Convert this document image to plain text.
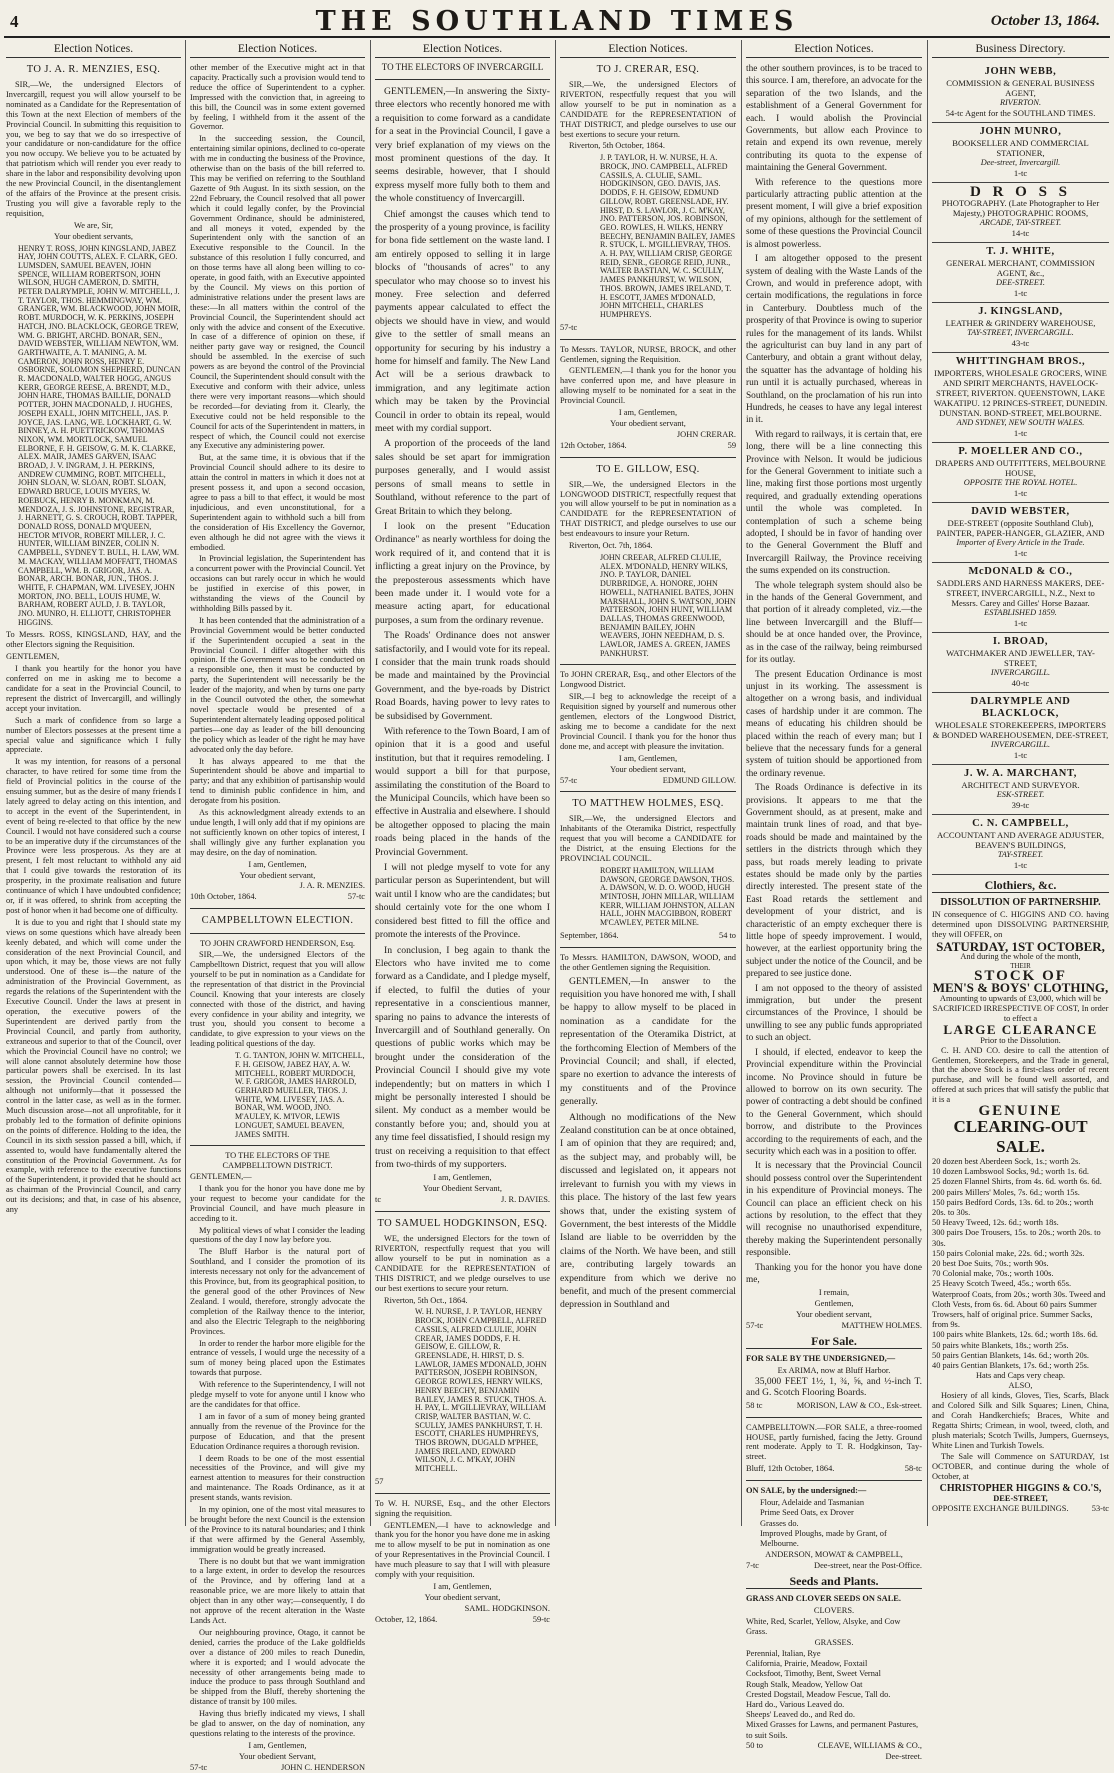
4	THE SOUTHLAND TIMES	October 13, 1864.
Election Notices.
TO J. A. R. MENZIES, ESQ.

SIR,—We, the undersigned Electors of Invercargill, request you will allow yourself to be nominated as a Candidate for the Representation of this Town at the next Election of members of the Provincial Council. In submitting this requisition to you, we beg to say that we do so irrespective of your candidature or non-candidature for the office you now occupy. We believe you to be actuated by that patriotism which will render you ever ready to share in the labor and responsibility devolving upon the new Provincial Council, in the disentanglement of the affairs of the Province at the present crisis. Trusting you will give a favorable reply to the requisition,

We are, Sir,
Your obedient servants,
HENRY T. ROSS, JOHN KINGSLAND, JABEZ HAY, JOHN COUTTS, ALEX. F. CLARK, GEO. LUMSDEN, SAMUEL BEAVEN, JOHN SPENCE, WILLIAM ROBERTSON, JOHN WILSON, HUGH CAMERON, D. SMITH, PETER DALRYMPLE, JOHN W. MITCHELL, J. T. TAYLOR, THOS. HEMMINGWAY, WM. GRANGER, WM. BLACKWOOD, JOHN MOIR, ROBT. MURDOCH, W. K. PERKINS, JOSEPH HATCH, JNO. BLACKLOCK, GEORGE TREW, WM. G. BRIGHT, ARCHD. BONAR, SEN., DAVID WEBSTER, WILLIAM NEWTON, WM. GARTHWAITE, A. T. MANING, A. M. CAMERON, JOHN ROSS, HENRY E. OSBORNE, SOLOMON SHEPHERD, DUNCAN R. MACDONALD, WALTER HOGG, ANGUS KERR, GEORGE REESE, A. BRENDT, M.D., JOHN HARE, THOMAS BAILLIE, DONALD POTTER, JOHN MACDONALD, J. HUGHES, JOSEPH EXALL, JOHN MITCHELL, JAS. P. JOYCE, JAS. LANG, WE. LOCKHART, G. W. BINNEY, A. H. PUETTRICKOW, THOMAS NIXON, WM. MORTLOCK, SAMUEL ELBORNE, F. H. GEISOW, G. M. K. CLARKE, ALEX. MAIR, JAMES GARVEN, ISAAC BROAD, J. V. INGRAM, J. H. PERKINS, ANDREW CUMMING, ROBT. MITCHELL, JOHN SLOAN, W. SLOAN, ROBT. SLOAN, EDWARD BRUCE, LOUIS MYERS, W. ROEBUCK, HENRY B. MONKMAN, M. MENDOZA, J. S. JOHNSTONE, REGISTRAR, J. HARNETT, G. S. CROUCH, ROBT. TAPPER, DONALD ROSS, DONALD M'QUEEN, HECTOR M'IVOR, ROBERT MILLER, J. C. HUNTER, WILLIAM BINZER, COLIN N. CAMPBELL, SYDNEY T. BULL, H. LAW, WM. M. MACKAY, WILLIAM MOFFATT, THOMAS CAMPBELL, WM. B. GRIGOR, JAS. A. BONAR, ARCH. BONAR, JUN., THOS. J. WHITE, F. CHAPMAN, WM. LIVESEY, JOHN MORTON, JNO. BELL, LOUIS HUME, W. BARHAM, ROBERT AULD, J. B. TAYLOR, JNO. MUNRO, H. ELLIOTT, CHRISTOPHER HIGGINS.

To Messrs. ROSS, KINGSLAND, HAY, and the other Electors signing the Requisition.

GENTLEMEN,

I thank you heartily for the honor you have conferred on me in asking me to become a candidate for a seat in the Provincial Council, to represent the district of Invercargill, and willingly accept your invitation.

Such a mark of confidence from so large a number of Electors possesses at the present time a special value and significance which I fully appreciate.

It was my intention, for reasons of a personal character, to have retired for some time from the field of Provincial politics in the course of the ensuing summer, but as the desire of many friends I lately agreed to delay acting on this intention, and to accept in the event of the Superintendent, in event of being re-elected to that office by the new Council. I would not have considered such a course to be an imperative duty if the circumstances of the Province were less prosperous. As they are at present, I felt most reluctant to withhold any aid that I could give towards the restoration of its prosperity, in the proximate realisation and future continuance of which I have undoubted confidence; or, if it was offered, to shrink from accepting the post of honor when it had become one of difficulty.

It is due to you and right that I should state my views on some questions which have already been keenly debated, and which will come under the consideration of the next Provincial Council, and upon which, it may be, those views are not fully understood. One of these is—the nature of the administration of the Provincial Government, as regards the relations of the Superintendent with the Executive Council. Under the laws at present in operation, the executive powers of the Superintendent are derived partly from the Provincial Council, and partly from authority, extraneous and superior to that of the Council, over which the Provincial Council have no control; we will alone cannot absolutely determine how those particular powers shall be exercised. In its last session, the Provincial Council contended—although not uniformly—that it possessed the control in the latter case, as well as in the former. Much discussion arose—not all unprofitable, for it probably led to the formation of definite opinions on the points of difference. Holding to the idea, the Council in its sixth session passed a bill, which, if assented to, would have fundamentally altered the constitution of the Provincial Government. As for example, with reference to the executive functions of the Superintendent, it provided that he should act as chairman of the Provincial Council, and carry out its decisions; and that, in case of his absence, any

Election Notices.

other member of the Executive might act in that capacity. Practically such a provision would tend to reduce the office of Superintendent to a cypher. Impressed with the conviction that, in agreeing to this bill, the Council was in some extent governed by feeling, I withheld from it the assent of the Governor.

In the succeeding session, the Council, entertaining similar opinions, declined to co-operate with me in conducting the business of the Province, otherwise than on the basis of the bill referred to. This may be verified on referring to the Southland Gazette of 9th August. In its sixth session, on the 22nd February, the Council resolved that all power which it could legally confer, by the Provincial Government Ordinance, should be administered, and all moneys it voted, expended by the Superintendent only with the sanction of an Executive responsible to the Council. In the substance of this resolution I fully concurred, and on those terms have all along been willing to co-operate, in good faith, with an Executive appointed by the Council. My views on this portion of administrative relations under the present laws are these:—In all matters within the control of the Provincial Council, the Superintendent should act only with the advice and consent of the Executive. In case of a difference of opinion on these, if neither party gave way or resigned, the Council should be assembled. In the exercise of such powers as are beyond the control of the Provincial Council, the Superintendent should consult with the Executive and conform with their advice, unless there were very important reasons—which should be recorded—for deviating from it. Clearly, the Executive could not be held responsible to the Council for acts of the Superintendent in matters, in respect of which, the Council could not exercise any Executive any administering power.

But, at the same time, it is obvious that if the Provincial Council should adhere to its desire to attain the control in matters in which it does not at present possess it, and upon a second occasion, agree to pass a bill to that effect, it would be most injudicious, and even unconstitutional, for a Superintendent again to withhold such a bill from the consideration of His Excellency the Governor, even although he did not agree with the views it embodied.

In Provincial legislation, the Superintendent has a concurrent power with the Provincial Council. Yet occasions can but rarely occur in which he would be justified in exercise of this power, in withstanding the views of the Council by withholding Bills passed by it.

It has been contended that the administration of a Provincial Government would be better conducted if the Superintendent occupied a seat in the Provincial Council. I differ altogether with this opinion. If the Government was to be conducted on a responsible one, then it must be conducted by party, the Superintendent will necessarily be the leader of the majority, and when by turns one party in the Council outvoted the other, the somewhat novel spectacle would be presented of a Superintendent alternately leading opposed political parties—one day as leader of the bill denouncing the policy which as leader of the right he may have advocated only the day before.

It has always appeared to me that the Superintendent should be above and impartial to party; and that any exhibition of partisanship would tend to diminish public confidence in him, and derogate from his position.

As this acknowledgment already extends to an undue length, I will only add that if my opinions are not sufficiently known on other topics of interest, I shall willingly give any further explanation you may desire, on the day of nomination.

I am, Gentlemen,
Your obedient servant,
J. A. R. MENZIES.
10th October, 1864.	57-tc
CAMPBELLTOWN ELECTION.
TO JOHN CRAWFORD HENDERSON, Esq.

SIR,—We, the undersigned Electors of the Campbelltown District, request that you will allow yourself to be put in nomination as a Candidate for the representation of that district in the Provincial Council. Knowing that your interests are closely connected with those of the district, and having every confidence in your ability and integrity, we trust you, should you consent to become a candidate, to give expression to your views on the leading political questions of the day.

T. G. TANTON, JOHN W. MITCHELL, F. H. GEISOW, JABEZ HAY, A. W. MITCHELL, ROBERT MURDOCH, W. F. GRIGOR, JAMES HARROLD, GERHARD MUELLER, THOS. J. WHITE, WM. LIVESEY, JAS. A. BONAR, WM. WOOD, JNO. M'AULEY, K. M'IVOR, LEWIS LONGUET, SAMUEL BEAVEN, JAMES SMITH.
TO THE ELECTORS OF THE CAMPBELLTOWN DISTRICT.

GENTLEMEN,—

I thank you for the honor you have done me by your request to become your candidate for the Provincial Council, and have much pleasure in acceding to it.

My political views of what I consider the leading questions of the day I now lay before you.

The Bluff Harbor is the natural port of Southland, and I consider the promotion of its interests necessary not only for the advancement of this Province, but, from its geographical position, to the general good of the other Provinces of New Zealand. I would, therefore, strongly advocate the completion of the Railway thence to the interior, and also the Electric Telegraph to the neighboring Provinces.

In order to render the harbor more eligible for the entrance of vessels, I would urge the necessity of a sum of money being placed upon the Estimates towards that purpose.

With reference to the Superintendency, I will not pledge myself to vote for anyone until I know who are the candidates for that office.

I am in favor of a sum of money being granted annually from the revenue of the Province for the purpose of Education, and that the present Education Ordinance requires a thorough revision.

I deem Roads to be one of the most essential necessities of the Province, and will give my earnest attention to measures for their construction and maintenance. The Roads Ordinance, as it at present stands, wants revision.

In my opinion, one of the most vital measures to be brought before the next Council is the extension of the Province to its natural boundaries; and I think if that were affirmed by the General Assembly, immigration would be greatly increased.

There is no doubt but that we want immigration to a large extent, in order to develop the resources of the Province, and by offering land at a reasonable price, we are more likely to attain that object than in any other way;—consequently, I do not approve of the recent alteration in the Waste Lands Act.

Our neighbouring province, Otago, it cannot be denied, carries the produce of the Lake goldfields over a distance of 200 miles to reach Dunedin, where it is exported; and I would advocate the necessity of other arrangements being made to induce the produce to pass through Southland and be shipped from the Bluff, thereby shortening the distance of transit by 100 miles.

Having thus briefly indicated my views, I shall be glad to answer, on the day of nomination, any questions relating to the interests of the province.

I am, Gentlemen,
Your obedient Servant,
57-tc	JOHN C. HENDERSON
Election Notices.
TO THE ELECTORS OF INVERCARGILL

GENTLEMEN,—In answering the Sixty-three electors who recently honored me with a requisition to come forward as a candidate for a seat in the Provincial Council, I gave a very brief explanation of my views on the most prominent questions of the day. It seems desirable, however, that I should express myself more fully both to them and the whole constituency of Invercargill.

Chief amongst the causes which tend to the prosperity of a young province, is facility for bona fide settlement on the waste land. I am entirely opposed to selling it in large blocks of "thousands of acres" to any speculator who may choose so to invest his money. Free selection and deferred payments appear calculated to effect the objects we should have in view, and would give to the settler of small means an opportunity for securing by his industry a home for himself and family. The New Land Act will be a serious drawback to immigration, and any legitimate action which may be taken by the Provincial Council in order to obtain its repeal, would meet with my cordial support.

A proportion of the proceeds of the land sales should be set apart for immigration purposes generally, and I would assist persons of small means to settle in Southland, without reference to the part of Great Britain to which they belong.

I look on the present "Education Ordinance" as nearly worthless for doing the work required of it, and contend that it is inflicting a great injury on the Province, by the preposterous assessments which have been made under it. I would vote for a measure acting apart, for educational purposes, a sum from the ordinary revenue.

The Roads' Ordinance does not answer satisfactorily, and I would vote for its repeal. I consider that the main trunk roads should be made and maintained by the Provincial Government, and the bye-roads by District Road Boards, having power to levy rates to be subsidised by Government.

With reference to the Town Board, I am of opinion that it is a good and useful institution, but that it requires remodeling. I would support a bill for that purpose, assimilating the constitution of the Board to the Municipal Councils, which have been so effective in Australia and elsewhere. I should be altogether opposed to placing the main roads being placed in the hands of the Provincial Government.

I will not pledge myself to vote for any particular person as Superintendent, but will wait until I know who are the candidates; but should certainly vote for the one whom I considered best fitted to fill the office and promote the interests of the Province.

In conclusion, I beg again to thank the Electors who have invited me to come forward as a Candidate, and I pledge myself, if elected, to fulfil the duties of your representative in a conscientious manner, sparing no pains to advance the interests of Invercargill and of Southland generally. On questions of public works which may be brought under the consideration of the Provincial Council I should give my vote independently; but on matters in which I might be personally interested I should be silent. My conduct as a member would be constantly before you; and, should you at any time feel dissatisfied, I should resign my trust on receiving a requisition to that effect from two-thirds of my supporters.

I am, Gentlemen,
Your Obedient Servant,
tc	J. R. DAVIES.
TO SAMUEL HODGKINSON, ESQ.

WE, the undersigned Electors for the town of RIVERTON, respectfully request that you will allow yourself to be put in nomination as a CANDIDATE for the REPRESENTATION of THIS DISTRICT, and we pledge ourselves to use our best exertions to secure your return.

Riverton, 5th Oct., 1864.

W. H. NURSE, J. P. TAYLOR, HENRY BROCK, JOHN CAMPBELL, ALFRED CASSILS, ALFRED CLULIE, JOHN CREAR, JAMES DODDS, F. H. GEISOW, E. GILLOW, R. GREENSLADE, H. HIRST, D. S. LAWLOR, JAMES M'DONALD, JOHN PATTERSON, JOSEPH ROBINSON, GEORGE ROWLES, HENRY WILKS, HENRY BEECHY, BENJAMIN BAILEY, JAMES R. STUCK, THOS. A. H. PAY, L. M'GILLIEVRAY, WILLIAM CRISP, WALTER BASTIAN, W. C. SCULLY, JAMES PANKHURST, T. H. ESCOTT, CHARLES HUMPHREYS, THOS BROWN, DUGALD M'PHEE, JAMES IRELAND, EDWARD WILSON, J. C. M'KAY, JOHN MITCHELL.
57

To W. H. NURSE, Esq., and the other Electors signing the requisition.

GENTLEMEN,—I have to acknowledge and thank you for the honor you have done me in asking me to allow myself to be put in nomination as one of your Representatives in the Provincial Council. I have much pleasure to say that I will with pleasure comply with your requisition.

I am, Gentlemen,
Your obedient servant,
SAML. HODGKINSON.
October, 12, 1864.	59-tc
Election Notices.
TO J. CRERAR, ESQ.

SIR,—We, the undersigned Electors of RIVERTON, respectfully request that you will allow yourself to be put in nomination as a CANDIDATE for the REPRESENTATION of THAT DISTRICT, and pledge ourselves to use our best exertions to secure your return.

Riverton, 5th October, 1864.

J. P. TAYLOR, H. W. NURSE, H. A. BROCK, JNO. CAMPBELL, ALFRED CASSILS, A. CLULIE, SAML. HODGKINSON, GEO. DAVIS, JAS. DODDS, F. H. GEISOW, EDMUND GILLOW, ROBT. GREENSLADE, HY. HIRST, D. S. LAWLOR, J. C. M'KAY, JNO. PATTERSON, JOS. ROBINSON, GEO. ROWLES, H. WILKS, HENRY BEECHY, BENJAMIN BAILEY, JAMES R. STUCK, L. M'GILLIEVRAY, THOS. A. H. PAY, WILLIAM CRISP, GEORGE REID, SENR., GEORGE REID, JUNR., WALTER BASTIAN, W. C. SCULLY, JAMES PANKHURST, W. WILSON, THOS. BROWN, JAMES IRELAND, T. H. ESCOTT, JAMES M'DONALD, JOHN MITCHELL, CHARLES HUMPHREYS.
57-tc

To Messrs. TAYLOR, NURSE, BROCK, and other Gentlemen, signing the Requisition.

GENTLEMEN,—I thank you for the honor you have conferred upon me, and have pleasure in allowing myself to be nominated for a seat in the Provincial Council.

I am, Gentlemen,
Your obedient servant,
JOHN CRERAR.
12th October, 1864.	59
TO E. GILLOW, ESQ.

SIR,—We, the undersigned Electors in the LONGWOOD DISTRICT, respectfully request that you will allow yourself to be put in nomination as a CANDIDATE for the REPRESENTATION of THAT DISTRICT, and pledge ourselves to use our best endeavours to insure your Return.

Riverton, Oct. 7th, 1864.

JOHN CREEAR, ALFRED CLULIE, ALEX. M'DONALD, HENRY WILKS, JNO. P. TAYLOR, DANIEL DURBRIDGE, A. HONORE, JOHN HOWELL, NATHANIEL BATES, JOHN MARSHALL, JOHN S. WATSON, JOHN PATTERSON, JOHN HUNT, WILLIAM DALLAS, THOMAS GREENWOOD, BENJAMIN BAILEY, JOHN WEAVERS, JOHN NEEDHAM, D. S. LAWLOR, JAMES A. GREEN, JAMES PANKHURST.

To JOHN CRERAR, Esq., and other Electors of the Longwood District.

SIR,—I beg to acknowledge the receipt of a Requisition signed by yourself and numerous other gentlemen, electors of the Longwood District, asking me to become a candidate for the next Provincial Council. I thank you for the honor thus done me, and accept with pleasure the invitation.

I am, Gentlemen,
Your obedient servant,
57-tc	EDMUND GILLOW.
TO MATTHEW HOLMES, ESQ.

SIR,—We, the undersigned Electors and Inhabitants of the Oteramika District, respectfully request that you will become a CANDIDATE for the District, at the ensuing Elections for the PROVINCIAL COUNCIL.

ROBERT HAMILTON, WILLIAM DAWSON, GEORGE DAWSON, THOS. A. DAWSON, W. D. O. WOOD, HUGH M'INTOSH, JOHN MILLAR, WILLIAM KERR, WILLIAM JOHNSTON, ALLAN HALL, JOHN MACGIBBON, ROBERT M'CAWLEY, PETER MILNE.
September, 1864.	54 to

To Messrs. HAMILTON, DAWSON, WOOD, and the other Gentlemen signing the Requisition.

GENTLEMEN,—In answer to the requisition you have honored me with, I shall be happy to allow myself to be placed in nomination as a candidate for the representation of the Oteramika District, at the forthcoming Election of Members of the Provincial Council; and shall, if elected, spare no exertion to advance the interests of my constituents and of the Province generally.

Although no modifications of the New Zealand constitution can be at once obtained, I am of opinion that they are required; and, as the subject may, and probably will, be discussed and legislated on, it appears not irrelevant to furnish you with my views in this place. The history of the last few years shows that, under the existing system of Government, the best interests of the Middle Island are liable to be overridden by the claims of the North. We have been, and still are, contributing largely towards an expenditure from which we derive no benefit, and much of the present commercial depression in Southland and

Election Notices.

the other southern provinces, is to be traced to this source. I am, therefore, an advocate for the separation of the two Islands, and the establishment of a General Government for each. I would abolish the Provincial Governments, but allow each Province to retain and expend its own revenue, merely contributing its quota to the expense of maintaining the General Government.

With reference to the questions more particularly attracting public attention at the present moment, I will give a brief exposition of my opinions, although for the settlement of some of these questions the Provincial Council is almost powerless.

I am altogether opposed to the present system of dealing with the Waste Lands of the Crown, and would in preference adopt, with certain modifications, the regulations in force in Canterbury. Doubtless much of the prosperity of that Province is owing to superior rules for the management of its lands. Whilst the agriculturist can buy land in any part of Canterbury, and obtain a grant without delay, the squatter has the advantage of holding his run until it is actually purchased, whereas in Southland, on the proclamation of his run into Hundreds, he ceases to have any legal interest in it.

With regard to railways, it is certain that, ere long, there will be a line connecting this Province with Nelson. It would be judicious for the General Government to initiate such a line, making first those portions most urgently required, and gradually extending operations until the whole was completed. In contemplation of such a scheme being adopted, I should be in favor of handing over to the General Government the Bluff and Invercargill Railway, the Province receiving the sums expended on its construction.

The whole telegraph system should also be in the hands of the General Government, and that portion of it already completed, viz.—the line between Invercargill and the Bluff—should be at once handed over, the Province, as in the case of the railway, being reimbursed for its outlay.

The present Education Ordinance is most unjust in its working. The assessment is altogether on a wrong basis, and individual cases of hardship under it are common. The means of educating his children should be placed within the reach of every man; but I believe that the necessary funds for a general system of tuition should be apportioned from the ordinary revenue.

The Roads Ordinance is defective in its provisions. It appears to me that the Government should, as at present, make and maintain trunk lines of road, and that bye-roads should be made and maintained by the settlers in the districts through which they pass, but roads merely leading to private estates should be made only by the parties directly interested. The present state of the East Road retards the settlement and development of your district, and is characteristic of an empty exchequer there is little hope of speedy improvement. I would, however, at the earliest opportunity bring the subject under the notice of the Council, and be prepared to see justice done.

I am not opposed to the theory of assisted immigration, but under the present circumstances of the Province, I should be unwilling to see any public funds appropriated to such an object.

I should, if elected, endeavor to keep the Provincial expenditure within the Provincial income. No Province should in future be allowed to borrow on its own security. The power of contracting a debt should be confined to the General Government, which should borrow, and distribute to the Provinces according to the requirements of each, and the security which each was in a position to offer.

It is necessary that the Provincial Council should possess control over the Superintendent in his expenditure of Provincial moneys. The Council can place an efficient check on his actions by resolution, to the effect that they will recognise no unauthorised expenditure, thereby making the Superintendent personally responsible.

Thanking you for the honor you have done me,

I remain,
Gentlemen,
Your obedient servant,
57-tc	MATTHEW HOLMES.
For Sale.

FOR SALE BY THE UNDERSIGNED,—

Ex ARIMA, now at Bluff Harbor.

35,000 FEET 1½, 1, ¾, ⅝, and ½-inch T. and G. Scotch Flooring Boards.

58 tc	MORISON, LAW & CO., Esk-street.

CAMPBELLTOWN.—FOR SALE, a three-roomed HOUSE, partly furnished, facing the Jetty. Ground rent moderate. Apply to T. R. Hodgkinson, Tay-street.

Bluff, 12th October, 1864.	58-tc

ON SALE, by the undersigned:—

Flour, Adelaide and Tasmanian
Prime Seed Oats, ex Drover
Grasses do.
Improved Ploughs, made by Grant, of Melbourne.
ANDERSON, MOWAT & CAMPBELL,
7-tc	Dee-street, near the Post-Office.
Seeds and Plants.

GRASS AND CLOVER SEEDS ON SALE.

CLOVERS.
White, Red, Scarlet, Yellow, Alsyke, and Cow Grass.
GRASSES.
Perennial, Italian, Rye
California, Prairie, Meadow, Foxtail
Cocksfoot, Timothy, Bent, Sweet Vernal
Rough Stalk, Meadow, Yellow Oat
Crested Dogstail, Meadow Fescue, Tall do.
Hard do., Various Leaved do.
Sheeps' Leaved do., and Red do.
Mixed Grasses for Lawns, and permanent Pastures, to suit Soils.
50 to	CLEAVE, WILLIAMS & CO.,
Dee-street.
Business Directory.
JOHN WEBB,
COMMISSION & GENERAL BUSINESS AGENT,
RIVERTON.
54-tc Agent for the SOUTHLAND TIMES.
JOHN MUNRO,
BOOKSELLER AND COMMERCIAL STATIONER,
Dee-street, Invercargill.
1-tc
D R O S S
PHOTOGRAPHY. (Late Photographer to Her Majesty,) PHOTOGRAPHIC ROOMS,
ARCADE, TAY-STREET.
14-tc
T. J. WHITE,
GENERAL MERCHANT, COMMISSION AGENT, &c.,
DEE-STREET.
1-tc
J. KINGSLAND,
LEATHER & GRINDERY WAREHOUSE,
TAY-STREET, INVERCARGILL.
43-tc
WHITTINGHAM BROS.,
IMPORTERS, WHOLESALE GROCERS, WINE AND SPIRIT MERCHANTS, HAVELOCK-STREET, RIVERTON. QUEENSTOWN, LAKE WAKATIPU. 12 PRINCES-STREET, DUNEDIN. DUNSTAN. BOND-STREET, MELBOURNE.
AND SYDNEY, NEW SOUTH WALES.
1-tc
P. MOELLER AND CO.,
DRAPERS AND OUTFITTERS, MELBOURNE HOUSE,
OPPOSITE THE ROYAL HOTEL.
1-tc
DAVID WEBSTER,
DEE-STREET (opposite Southland Club), PAINTER, PAPER-HANGER, GLAZIER, AND
Importer of Every Article in the Trade.
1-tc
McDONALD & CO.,
SADDLERS AND HARNESS MAKERS, DEE-STREET, INVERCARGILL, N.Z., Next to Messrs. Carey and Gilles' Horse Bazaar.
ESTABLISHED 1859.
1-tc
I. BROAD,
WATCHMAKER AND JEWELLER, TAY-STREET,
INVERCARGILL.
40-tc
DALRYMPLE AND BLACKLOCK,
WHOLESALE STOREKEEPERS, IMPORTERS & BONDED WAREHOUSEMEN, DEE-STREET,
INVERCARGILL.
1-tc
J. W. A. MARCHANT,
ARCHITECT AND SURVEYOR.
ESK-STREET.
39-tc
C. N. CAMPBELL,
ACCOUNTANT AND AVERAGE ADJUSTER, BEAVEN'S BUILDINGS,
TAY-STREET.
1-tc
Clothiers, &c.
DISSOLUTION OF PARTNERSHIP.

IN consequence of C. HIGGINS AND CO. having determined upon DISSOLVING PARTNERSHIP, they will OFFER, on

SATURDAY, 1ST OCTOBER,
And during the whole of the month,
THEIR
STOCK OF
MEN'S & BOYS' CLOTHING,
Amounting to upwards of £3,000, which will be SACRIFICED IRRESPECTIVE OF COST, In order to effect a
LARGE CLEARANCE
Prior to the Dissolution.

C. H. AND CO. desire to call the attention of Gentlemen, Storekeepers, and the Trade in general, that the above Stock is a first-class order of recent purchase, and will be found well assorted, and offered at such prices that will satisfy the public that it is a

GENUINE
CLEARING-OUT SALE.
20 dozen best Aberdeen Sock, 1s.; worth 2s.
10 dozen Lambswool Socks, 9d.; worth 1s. 6d.
25 dozen Flannel Shirts, from 4s. 6d. worth 6s. 6d.
200 pairs Millers' Moles, 7s. 6d.; worth 15s.
150 pairs Bedford Cords, 13s. 6d. to 20s.; worth 20s. to 30s.
50 Heavy Tweed, 12s. 6d.; worth 18s.
300 pairs Doe Trousers, 15s. to 20s.; worth 20s. to 30s.
150 pairs Colonial make, 22s. 6d.; worth 32s.
20 best Doe Suits, 70s.; worth 90s.
70 Colonial make, 70s.; worth 100s.
25 Heavy Scotch Tweed, 45s.; worth 65s.
Waterproof Coats, from 20s.; worth 30s. Tweed and Cloth Vests, from 6s. 6d. About 60 pairs Summer Trowsers, half of original price. Summer Sacks, from 9s.
100 pairs white Blankets, 12s. 6d.; worth 18s. 6d.
50 pairs white Blankets, 18s.; worth 25s.
50 pairs Gentian Blankets, 14s. 6d.; worth 20s.
40 pairs Gentian Blankets, 17s. 6d.; worth 25s.
Hats and Caps very cheap.
ALSO,

Hosiery of all kinds, Gloves, Ties, Scarfs, Black and Colored Silk and Silk Squares; Linen, China, and Corah Handkerchiefs; Braces, White and Regatta Shirts; Crimean, in wool, tweed, cloth, and plush materials; Scotch Twills, Jumpers, Guernseys, White Linen and Turkish Towels.

The Sale will Commence on SATURDAY, 1st OCTOBER, and continue during the whole of October, at

CHRISTOPHER HIGGINS & CO.'S,
DEE-STREET,
OPPOSITE EXCHANGE BUILDINGS.	53-tc
